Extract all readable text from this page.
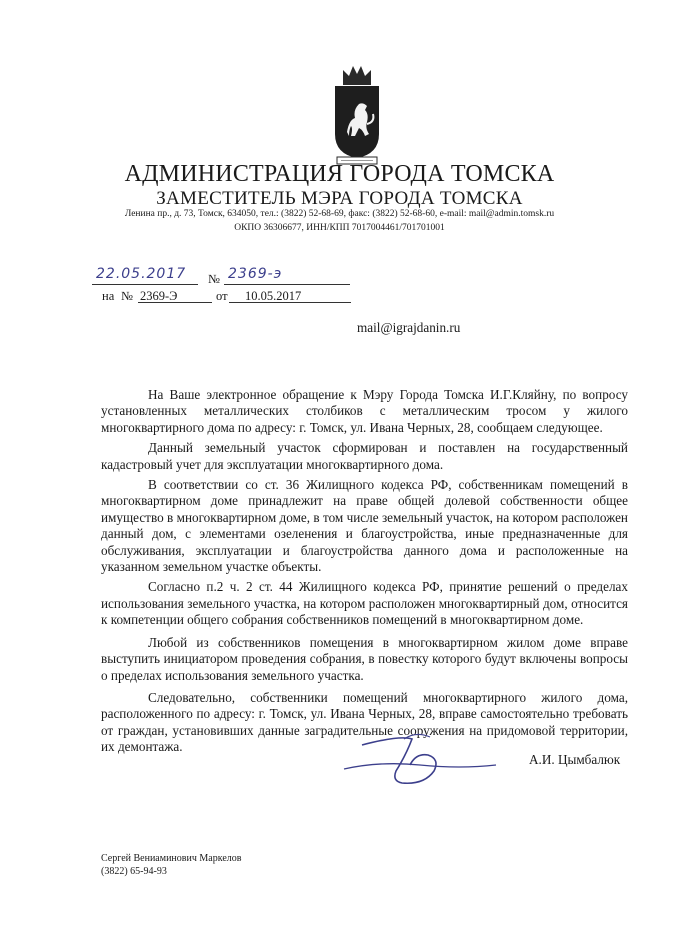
АДМИНИСТРАЦИЯ ГОРОДА ТОМСКА
ЗАМЕСТИТЕЛЬ МЭРА ГОРОДА ТОМСКА
Ленина пр., д. 73, Томск, 634050, тел.: (3822) 52-68-69, факс: (3822) 52-68-60, e-mail: mail@admin.tomsk.ru
ОКПО 36306677, ИНН/КПП 7017004461/701701001
22.05.2017 № 2369-э
на № 2369-Э	от 10.05.2017
mail@igrajdanin.ru

На Ваше электронное обращение к Мэру Города Томска И.Г.Кляйну, по вопросу установленных металлических столбиков с металлическим тросом у жилого многоквартирного дома по адресу: г. Томск, ул. Ивана Черных, 28, сообщаем следующее.

Данный земельный участок сформирован и поставлен на государственный кадастровый учет для эксплуатации многоквартирного дома.

В соответствии со ст. 36 Жилищного кодекса РФ, собственникам помещений в многоквартирном доме принадлежит на праве общей долевой собственности общее имущество в многоквартирном доме, в том числе земельный участок, на котором расположен данный дом, с элементами озеленения и благоустройства, иные предназначенные для обслуживания, эксплуатации и благоустройства данного дома и расположенные на указанном земельном участке объекты.

Согласно п.2 ч. 2 ст. 44 Жилищного кодекса РФ, принятие решений о пределах использования земельного участка, на котором расположен многоквартирный дом, относится к компетенции общего собрания собственников помещений в многоквартирном доме.

Любой из собственников помещения в многоквартирном жилом доме вправе выступить инициатором проведения собрания, в повестку которого будут включены вопросы о пределах использования земельного участка.

Следовательно, собственники помещений многоквартирного жилого дома, расположенного по адресу: г. Томск, ул. Ивана Черных, 28, вправе самостоятельно требовать от граждан, установивших данные заградительные сооружения на придомовой территории, их демонтажа.

А.И. Цымбалюк
Сергей Вениаминович Маркелов
(3822) 65-94-93
